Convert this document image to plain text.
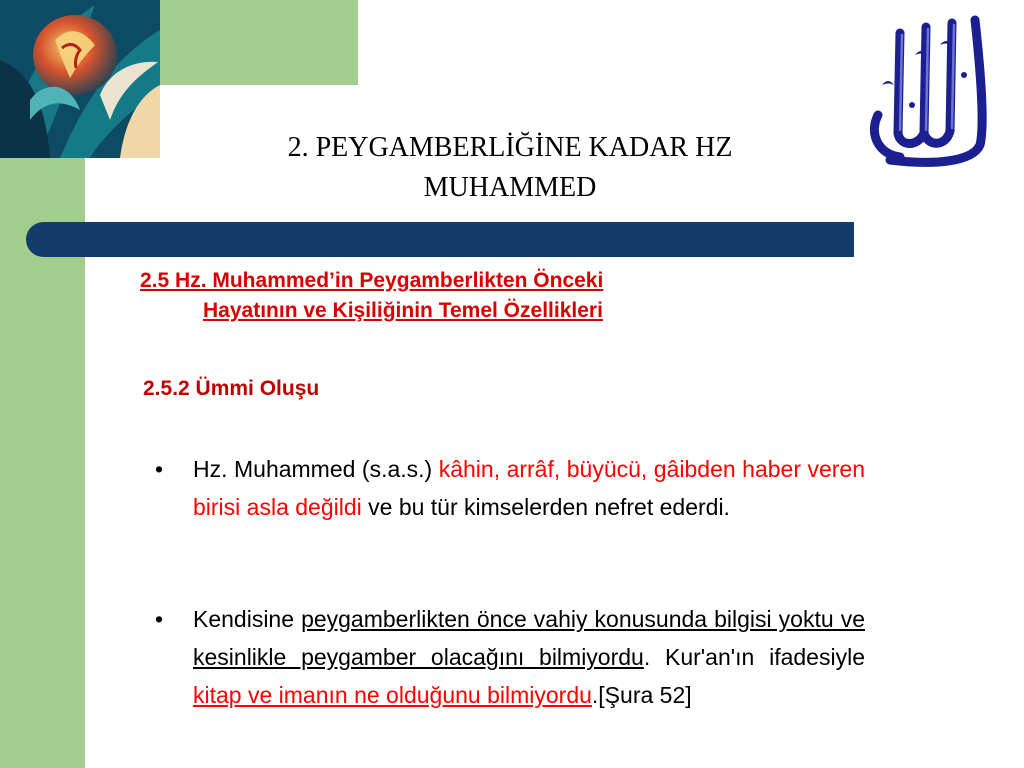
2. PEYGAMBERLİĞİNE KADAR HZ
MUHAMMED
2.5 Hz. Muhammed’in Peygamberlikten Önceki
Hayatının ve Kişiliğinin Temel Özellikleri
2.5.2 Ümmi Oluşu
• Hz. Muhammed (s.a.s.) kâhin, arrâf, büyücü, gâibden haber veren birisi asla değildi ve bu tür kimselerden nefret ederdi.
• Kendisine peygamberlikten önce vahiy konusunda bilgisi yoktu ve kesinlikle peygamber olacağını bilmiyordu. Kur'an'ın ifadesiyle kitap ve imanın ne olduğunu bilmiyordu.[Şura 52]
